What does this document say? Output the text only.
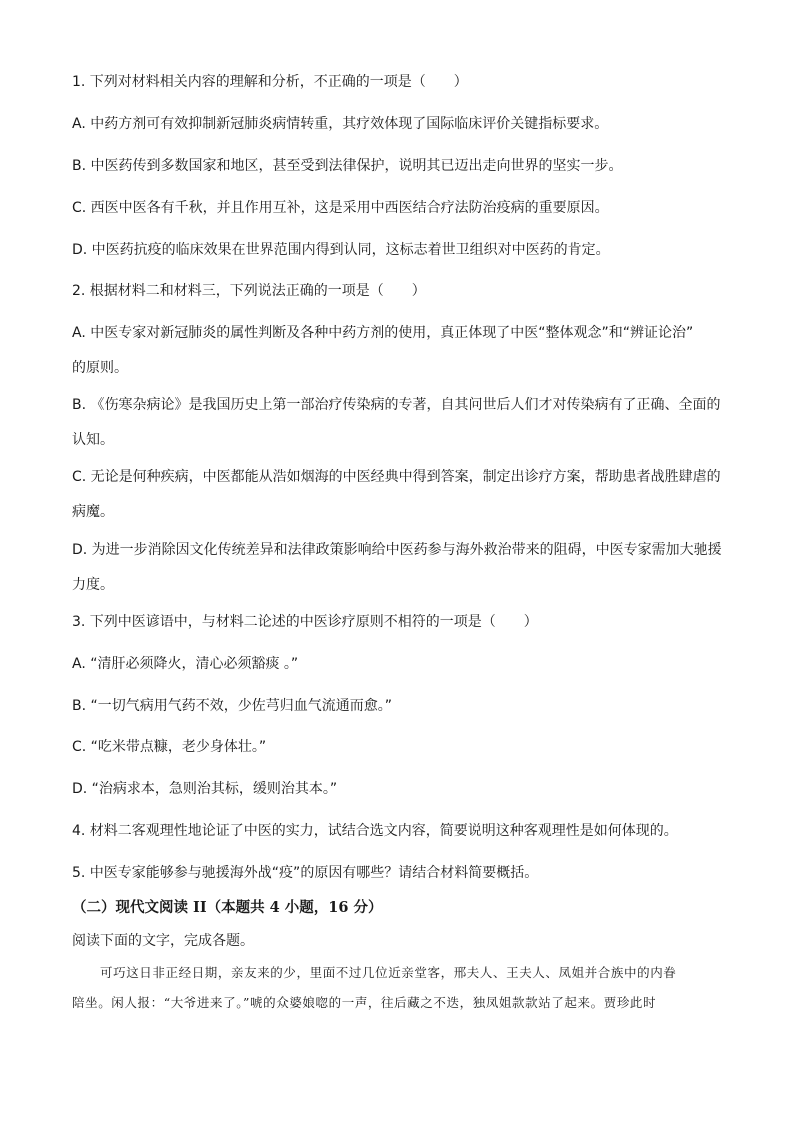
1. 下列对材料相关内容的理解和分析，不正确的一项是（　　）
A. 中药方剂可有效抑制新冠肺炎病情转重，其疗效体现了国际临床评价关键指标要求。
B. 中医药传到多数国家和地区，甚至受到法律保护，说明其已迈出走向世界的坚实一步。
C. 西医中医各有千秋，并且作用互补，这是采用中西医结合疗法防治疫病的重要原因。
D. 中医药抗疫的临床效果在世界范围内得到认同，这标志着世卫组织对中医药的肯定。
2. 根据材料二和材料三，下列说法正确的一项是（　　）
A. 中医专家对新冠肺炎的属性判断及各种中药方剂的使用，真正体现了中医“整体观念”和“辨证论治”
的原则。
B. 《伤寒杂病论》是我国历史上第一部治疗传染病的专著，自其问世后人们才对传染病有了正确、全面的
认知。
C. 无论是何种疾病，中医都能从浩如烟海的中医经典中得到答案，制定出诊疗方案，帮助患者战胜肆虐的
病魔。
D. 为进一步消除因文化传统差异和法律政策影响给中医药参与海外救治带来的阻碍，中医专家需加大驰援
力度。
3. 下列中医谚语中，与材料二论述的中医诊疗原则不相符的一项是（　　）
A. “清肝必须降火，清心必须豁痰 。”
B. “一切气病用气药不效，少佐芎归血气流通而愈。”
C. “吃米带点糠，老少身体壮。”
D. “治病求本，急则治其标，缓则治其本。”
4. 材料二客观理性地论证了中医的实力，试结合选文内容，简要说明这种客观理性是如何体现的。
5. 中医专家能够参与驰援海外战“疫”的原因有哪些？请结合材料简要概括。
（二）现代文阅读 II（本题共 4 小题，16 分）
阅读下面的文字，完成各题。
可巧这日非正经日期，亲友来的少，里面不过几位近亲堂客，邢夫人、王夫人、凤姐并合族中的内眷
陪坐。闲人报：“大爷进来了。”唬的众婆娘唿的一声，往后藏之不迭，独凤姐款款站了起来。贾珍此时
